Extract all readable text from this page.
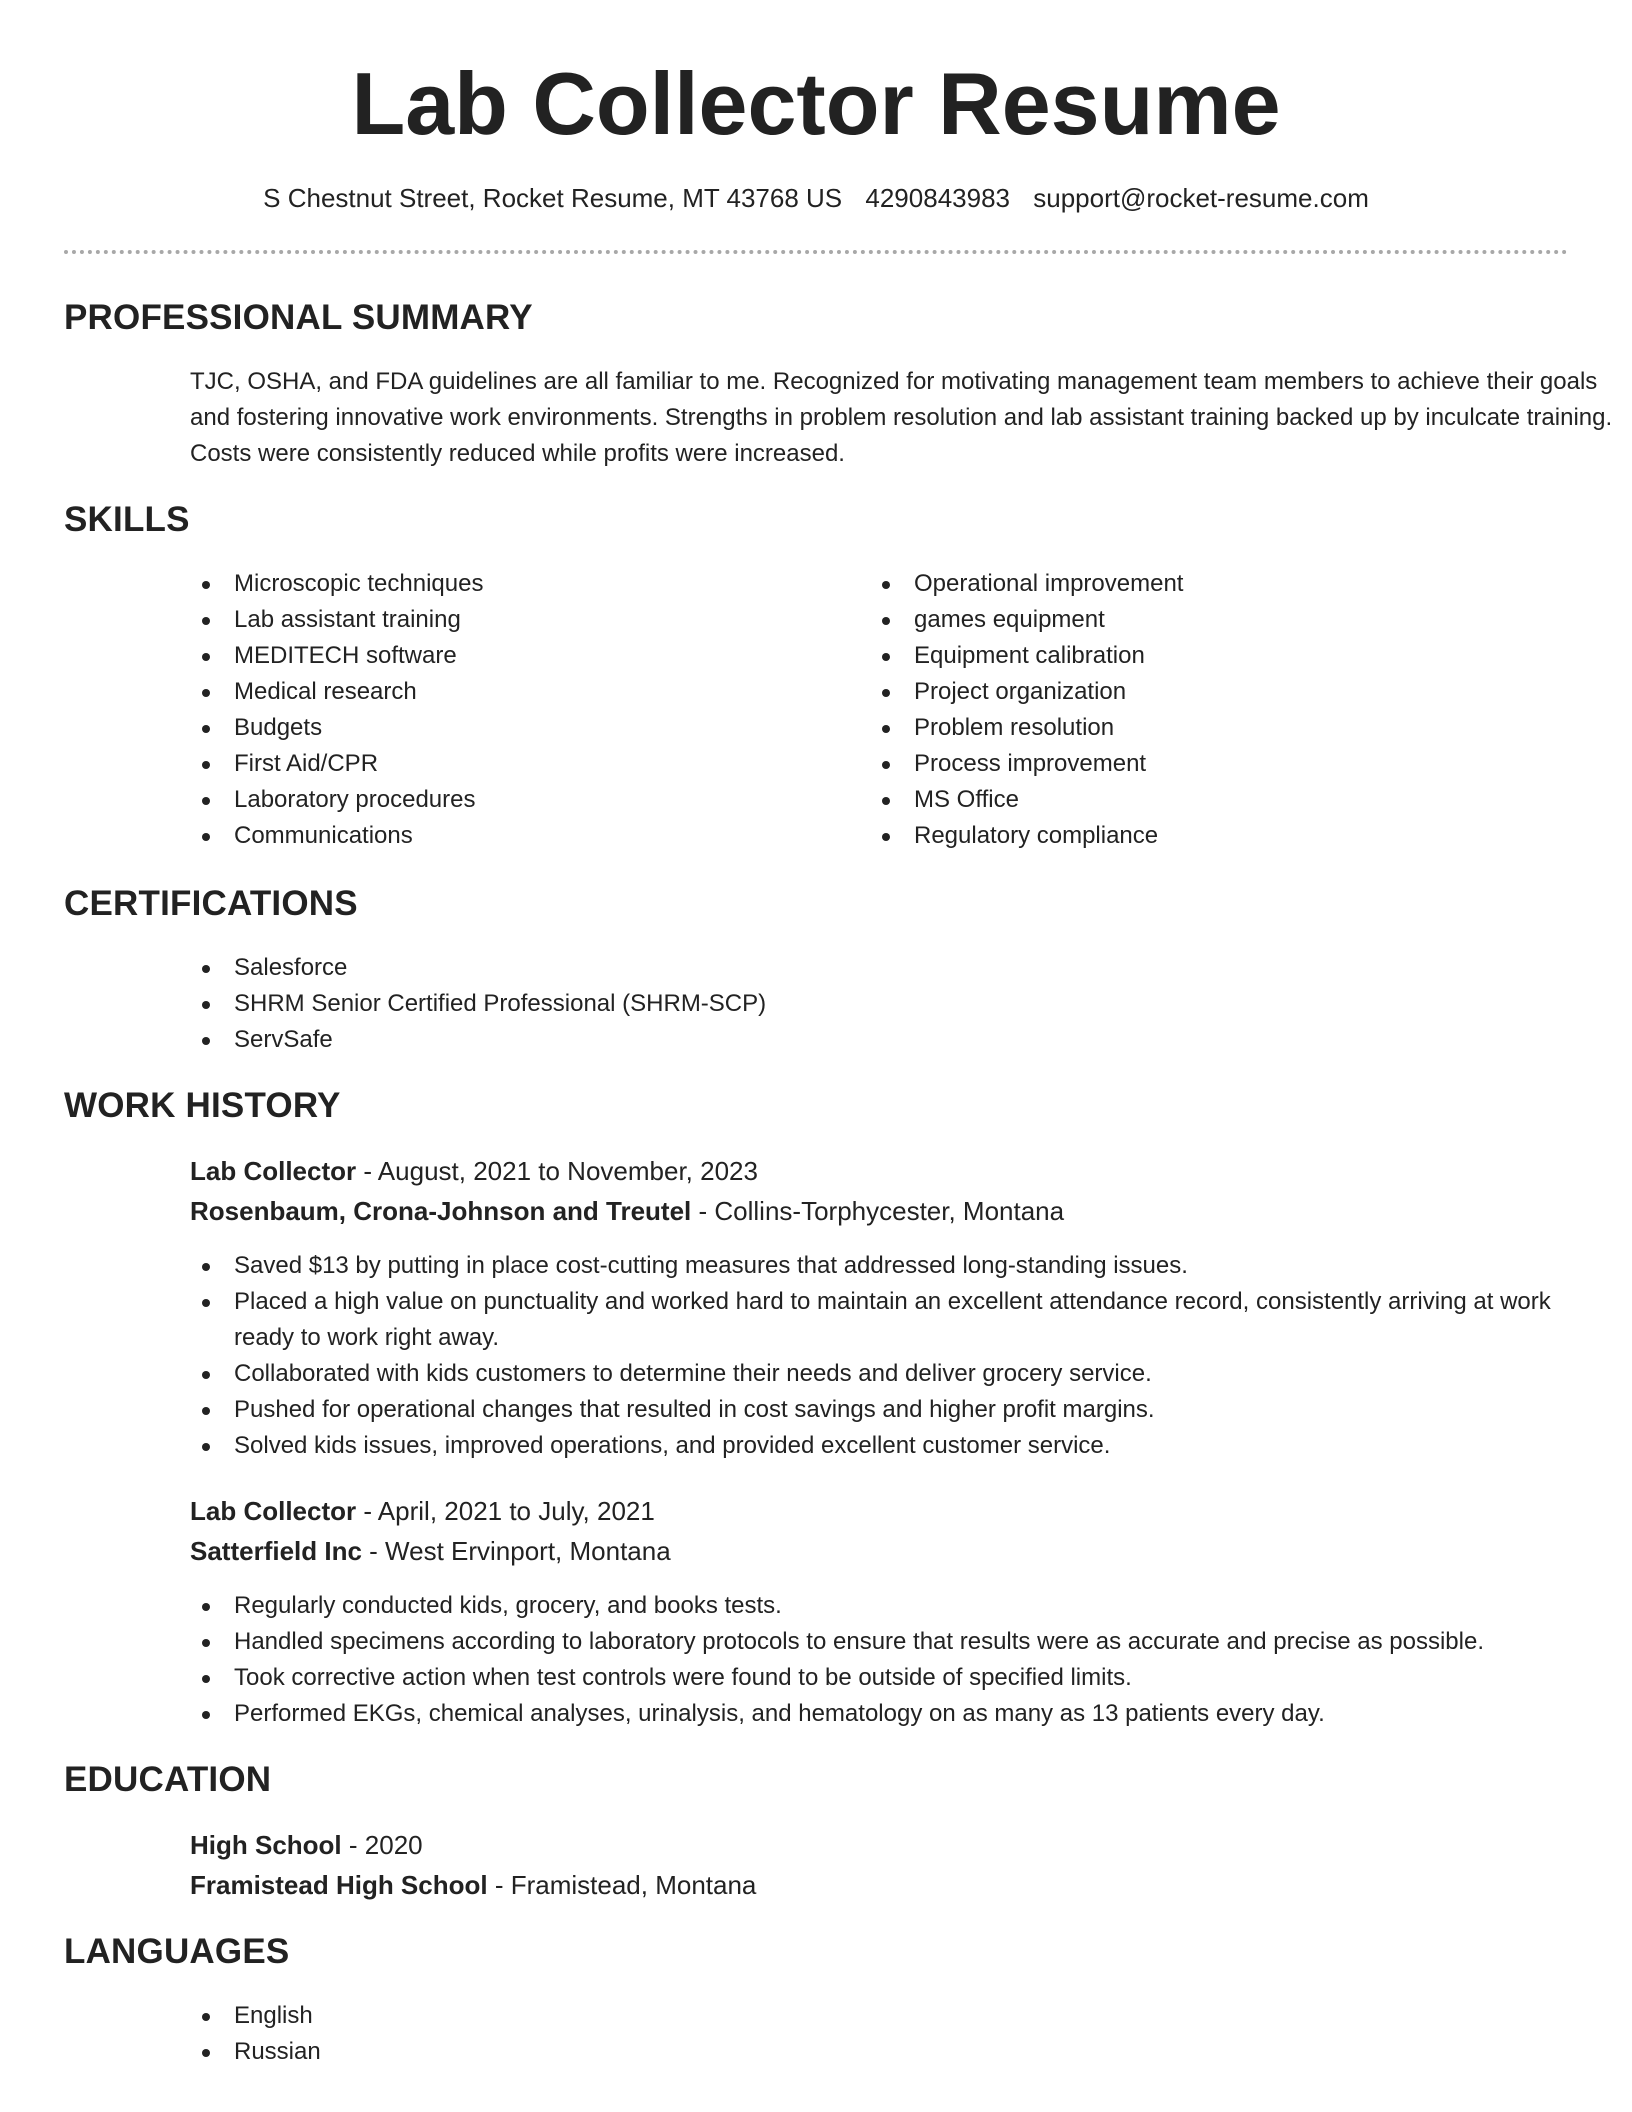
Lab Collector Resume
S Chestnut Street, Rocket Resume, MT 43768 US 4290843983 support@rocket-resume.com
PROFESSIONAL SUMMARY
TJC, OSHA, and FDA guidelines are all familiar to me. Recognized for motivating management team members to achieve their goals and fostering innovative work environments. Strengths in problem resolution and lab assistant training backed up by inculcate training. Costs were consistently reduced while profits were increased.
SKILLS
Microscopic techniques
Lab assistant training
MEDITECH software
Medical research
Budgets
First Aid/CPR
Laboratory procedures
Communications
Operational improvement
games equipment
Equipment calibration
Project organization
Problem resolution
Process improvement
MS Office
Regulatory compliance
CERTIFICATIONS
Salesforce
SHRM Senior Certified Professional (SHRM-SCP)
ServSafe
WORK HISTORY
Lab Collector - August, 2021 to November, 2023
Rosenbaum, Crona-Johnson and Treutel - Collins-Torphycester, Montana
Saved $13 by putting in place cost-cutting measures that addressed long-standing issues.
Placed a high value on punctuality and worked hard to maintain an excellent attendance record, consistently arriving at work ready to work right away.
Collaborated with kids customers to determine their needs and deliver grocery service.
Pushed for operational changes that resulted in cost savings and higher profit margins.
Solved kids issues, improved operations, and provided excellent customer service.
Lab Collector - April, 2021 to July, 2021
Satterfield Inc - West Ervinport, Montana
Regularly conducted kids, grocery, and books tests.
Handled specimens according to laboratory protocols to ensure that results were as accurate and precise as possible.
Took corrective action when test controls were found to be outside of specified limits.
Performed EKGs, chemical analyses, urinalysis, and hematology on as many as 13 patients every day.
EDUCATION
High School - 2020
Framistead High School - Framistead, Montana
LANGUAGES
English
Russian
